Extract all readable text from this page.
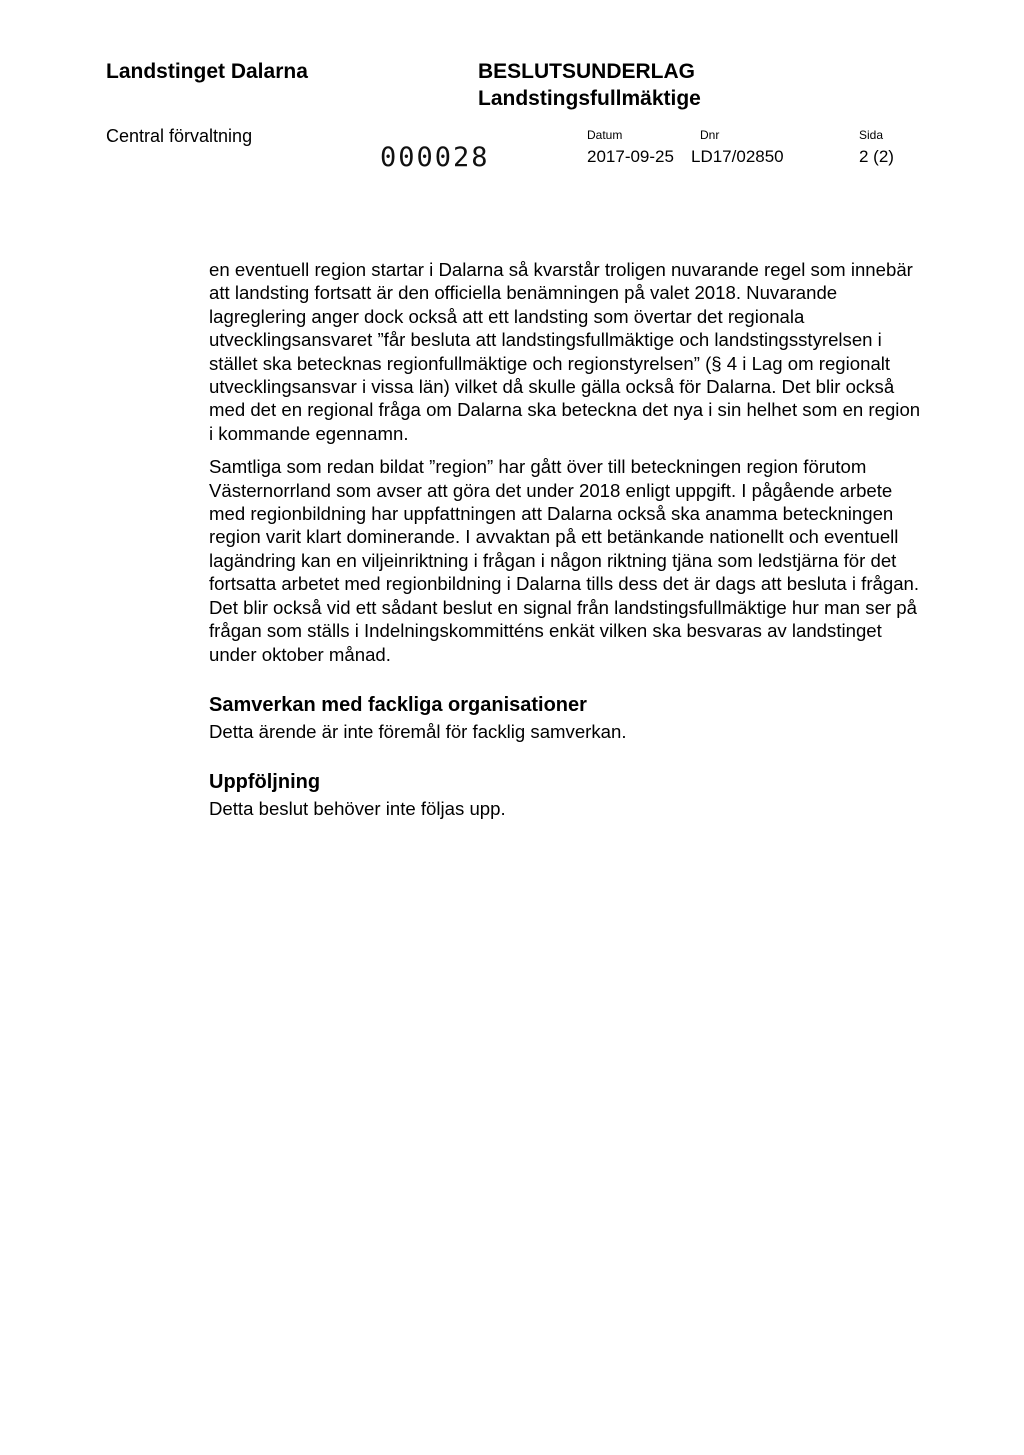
Landstinget Dalarna	BESLUTSUNDERLAG
Landstingsfullmäktige
Central förvaltning
000028
Datum	Dnr	Sida
2017-09-25 LD17/02850	2 (2)

en eventuell region startar i Dalarna så kvarstår troligen nuvarande regel som innebär att landsting fortsatt är den officiella benämningen på valet 2018. Nuvarande lagreglering anger dock också att ett landsting som övertar det regionala utvecklingsansvaret ”får besluta att landstingsfullmäktige och landstingsstyrelsen i stället ska betecknas regionfullmäktige och regionstyrelsen” (§ 4 i Lag om regionalt utvecklingsansvar i vissa län) vilket då skulle gälla också för Dalarna. Det blir också med det en regional fråga om Dalarna ska beteckna det nya i sin helhet som en region i kommande egennamn.

Samtliga som redan bildat ”region” har gått över till beteckningen region förutom Västernorrland som avser att göra det under 2018 enligt uppgift. I pågående arbete med regionbildning har uppfattningen att Dalarna också ska anamma beteckningen region varit klart dominerande. I avvaktan på ett betänkande nationellt och eventuell lagändring kan en viljeinriktning i frågan i någon riktning tjäna som ledstjärna för det fortsatta arbetet med regionbildning i Dalarna tills dess det är dags att besluta i frågan. Det blir också vid ett sådant beslut en signal från landstingsfullmäktige hur man ser på frågan som ställs i Indelningskommitténs enkät vilken ska besvaras av landstinget under oktober månad.

Samverkan med fackliga organisationer

Detta ärende är inte föremål för facklig samverkan.

Uppföljning

Detta beslut behöver inte följas upp.
